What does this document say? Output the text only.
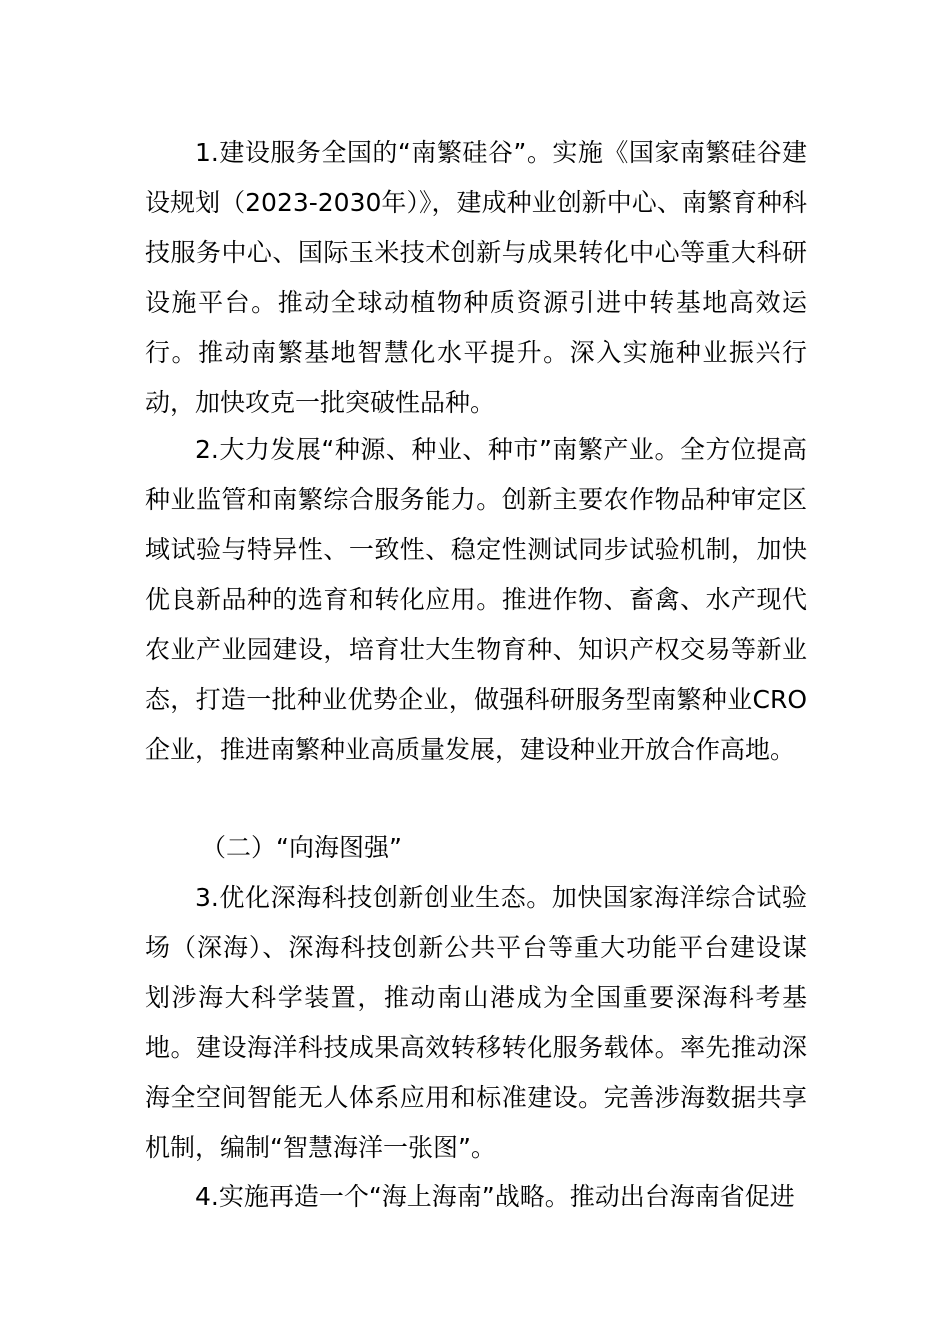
1.建设服务全国的“南繁硅谷”。实施《国家南繁硅谷建设规划（2023-2030年）》，建成种业创新中心、南繁育种科技服务中心、国际玉米技术创新与成果转化中心等重大科研设施平台。推动全球动植物种质资源引进中转基地高效运行。推动南繁基地智慧化水平提升。深入实施种业振兴行动，加快攻克一批突破性品种。

2.大力发展“种源、种业、种市”南繁产业。全方位提高种业监管和南繁综合服务能力。创新主要农作物品种审定区域试验与特异性、一致性、稳定性测试同步试验机制，加快优良新品种的选育和转化应用。推进作物、畜禽、水产现代农业产业园建设，培育壮大生物育种、知识产权交易等新业态，打造一批种业优势企业，做强科研服务型南繁种业CRO企业，推进南繁种业高质量发展，建设种业开放合作高地。

（二）“向海图强”

3.优化深海科技创新创业生态。加快国家海洋综合试验场（深海）、深海科技创新公共平台等重大功能平台建设谋划涉海大科学装置，推动南山港成为全国重要深海科考基地。建设海洋科技成果高效转移转化服务载体。率先推动深海全空间智能无人体系应用和标准建设。完善涉海数据共享机制，编制“智慧海洋一张图”。

4.实施再造一个“海上海南”战略。推动出台海南省促进
